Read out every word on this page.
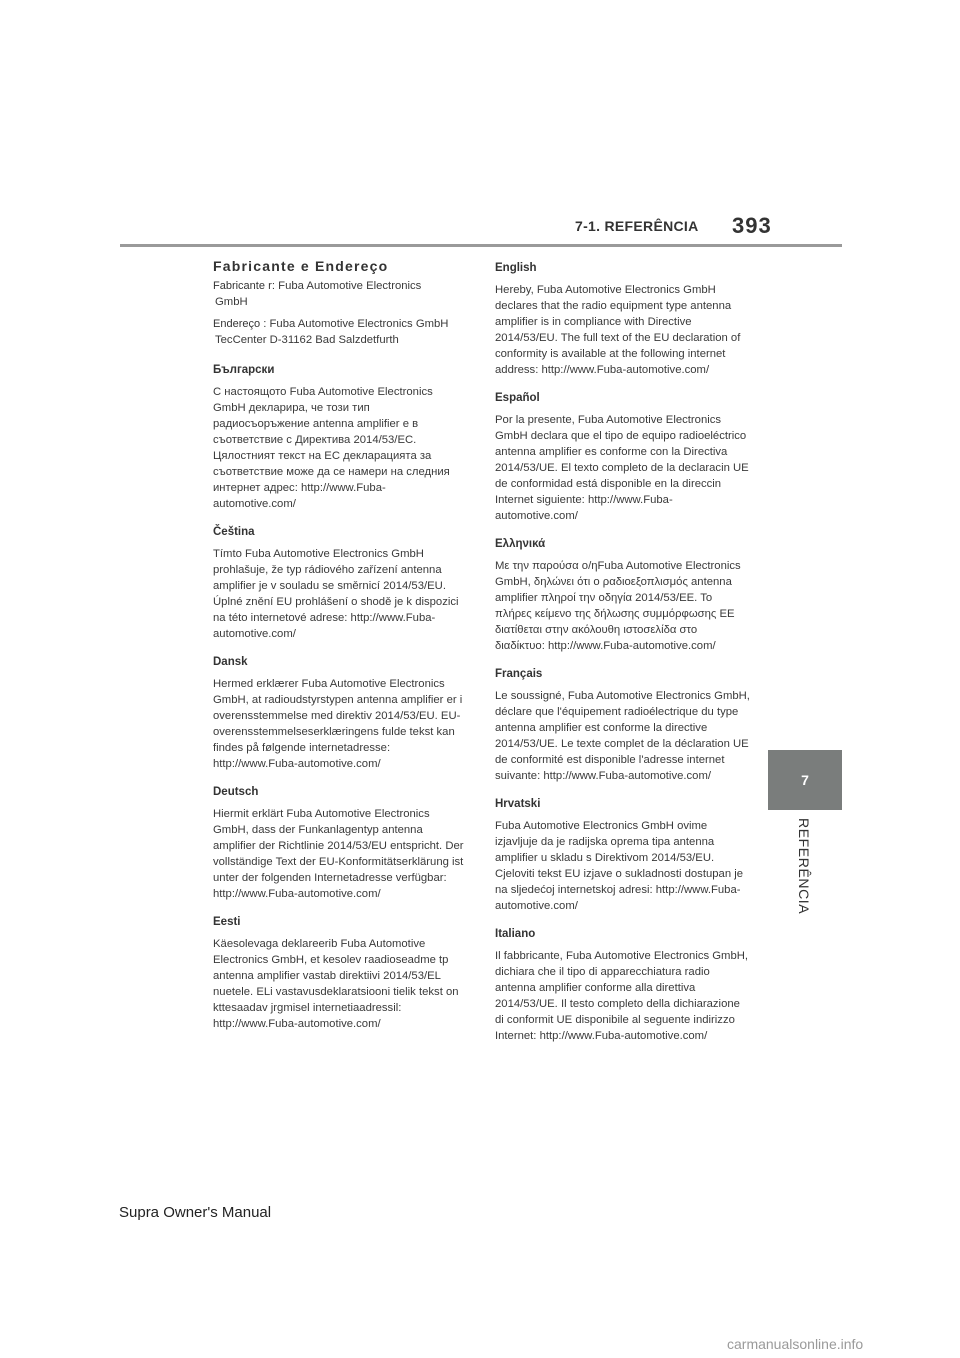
7-1. REFERÊNCIA 393
7
REFERÊNCIA
Fabricante e Endereço

Fabricante r: Fuba Automotive Electronics

GmbH

Endereço : Fuba Automotive Electronics GmbH

TecCenter D-31162 Bad Salzdetfurth

Български

С настоящото Fuba Automotive Electronics GmbH декларира, че този тип радиосъоръжение antenna amplifier е в съответствие с Директива 2014/53/ЕС. Цялостният текст на ЕС декларацията за съответствие може да се намери на следния интернет адрес: http://www.Fuba-automotive.com/

Čeština

Tímto Fuba Automotive Electronics GmbH prohlašuje, že typ rádiového zařízení antenna amplifier je v souladu se směrnicí 2014/53/EU. Úplné znění EU prohlášení o shodě je k dispozici na této internetové adrese: http://www.Fuba-automotive.com/

Dansk

Hermed erklærer Fuba Automotive Electronics GmbH, at radioudstyrstypen antenna amplifier er i overensstemmelse med direktiv 2014/53/EU. EU-overensstemmelseserklæringens fulde tekst kan findes på følgende internetadresse: http://www.Fuba-automotive.com/

Deutsch

Hiermit erklärt Fuba Automotive Electronics GmbH, dass der Funkanlagentyp antenna amplifier der Richtlinie 2014/53/EU entspricht. Der vollständige Text der EU-Konformitätserklärung ist unter der folgenden Internetadresse verfügbar: http://www.Fuba-automotive.com/

Eesti

Käesolevaga deklareerib Fuba Automotive Electronics GmbH, et kesolev raadioseadme tp antenna amplifier vastab direktiivi 2014/53/EL nuetele. ELi vastavusdeklaratsiooni tielik tekst on kttesaadav jrgmisel internetiaadressil: http://www.Fuba-automotive.com/

English

Hereby, Fuba Automotive Electronics GmbH declares that the radio equipment type antenna amplifier is in compliance with Directive 2014/53/EU. The full text of the EU declaration of conformity is available at the following internet address: http://www.Fuba-automotive.com/

Español

Por la presente, Fuba Automotive Electronics GmbH declara que el tipo de equipo radioeléctrico antenna amplifier es conforme con la Directiva 2014/53/UE. El texto completo de la declaracin UE de conformidad está disponible en la direccin Internet siguiente: http://www.Fuba-automotive.com/

Ελληνικά

Με την παρούσα ο/ηFuba Automotive Electronics GmbH, δηλώνει ότι ο ραδιοεξοπλισμός antenna amplifier πληροί την οδηγία 2014/53/ΕΕ. Το πλήρες κείμενο της δήλωσης συμμόρφωσης ΕΕ διατίθεται στην ακόλουθη ιστοσελίδα στο διαδίκτυο: http://www.Fuba-automotive.com/

Français

Le soussigné, Fuba Automotive Electronics GmbH, déclare que l'équipement radioélectrique du type antenna amplifier est conforme la directive 2014/53/UE. Le texte complet de la déclaration UE de conformité est disponible l'adresse internet suivante: http://www.Fuba-automotive.com/

Hrvatski

Fuba Automotive Electronics GmbH ovime izjavljuje da je radijska oprema tipa antenna amplifier u skladu s Direktivom 2014/53/EU. Cjeloviti tekst EU izjave o sukladnosti dostupan je na sljedećoj internetskoj adresi: http://www.Fuba-automotive.com/

Italiano

Il fabbricante, Fuba Automotive Electronics GmbH, dichiara che il tipo di apparecchiatura radio antenna amplifier conforme alla direttiva 2014/53/UE. Il testo completo della dichiarazione di conformit UE disponibile al seguente indirizzo Internet: http://www.Fuba-automotive.com/

Supra Owner's Manual
carmanualsonline.info
